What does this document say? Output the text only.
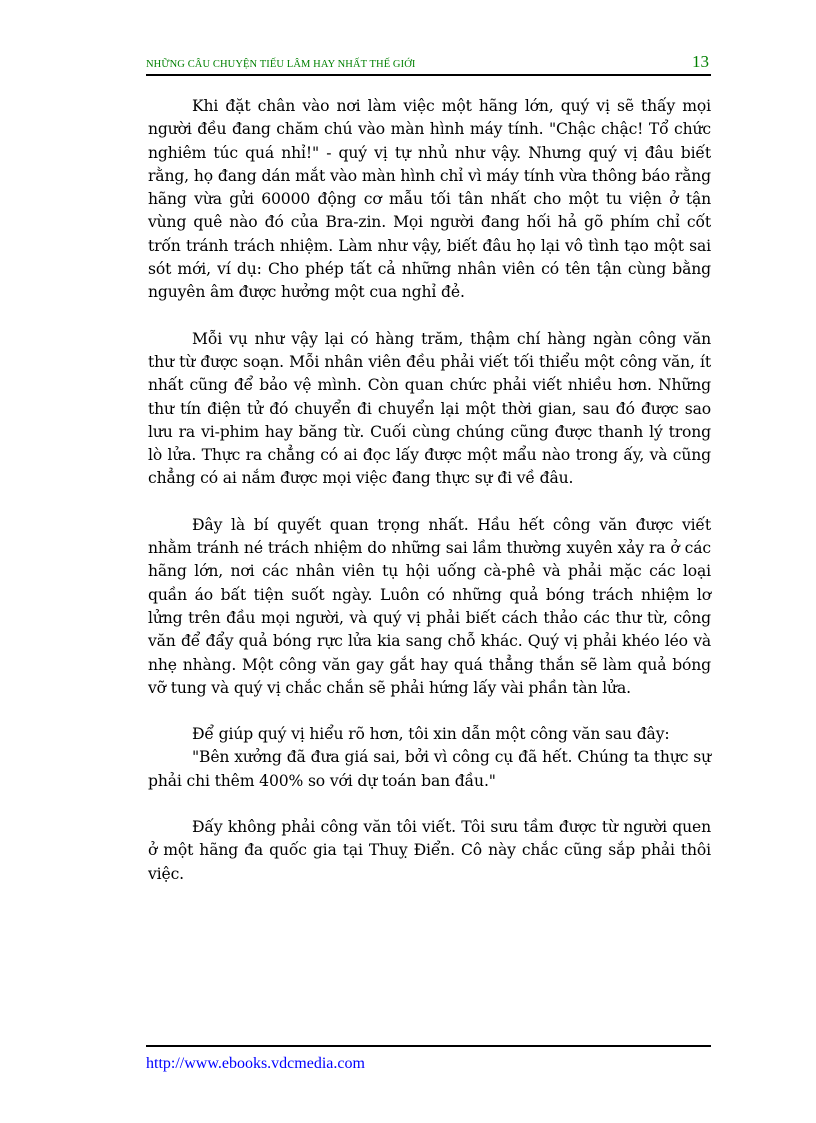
NHỮNG CÂU CHUYỆN TIẾU LÂM HAY NHẤT THẾ GIỚI	13

Khi đặt chân vào nơi làm việc một hãng lớn, quý vị sẽ thấy mọi người đều đang chăm chú vào màn hình máy tính. "Chậc chậc! Tổ chức nghiêm túc quá nhỉ!" - quý vị tự nhủ như vậy. Nhưng quý vị đâu biết rằng, họ đang dán mắt vào màn hình chỉ vì máy tính vừa thông báo rằng hãng vừa gửi 60000 động cơ mẫu tối tân nhất cho một tu viện ở tận vùng quê nào đó của Bra-zin. Mọi người đang hối hả gõ phím chỉ cốt trốn tránh trách nhiệm. Làm như vậy, biết đâu họ lại vô tình tạo một sai sót mới, ví dụ: Cho phép tất cả những nhân viên có tên tận cùng bằng nguyên âm được hưởng một cua nghỉ đẻ.

Mỗi vụ như vậy lại có hàng trăm, thậm chí hàng ngàn công văn thư từ được soạn. Mỗi nhân viên đều phải viết tối thiểu một công văn, ít nhất cũng để bảo vệ mình. Còn quan chức phải viết nhiều hơn. Những thư tín điện tử đó chuyển đi chuyển lại một thời gian, sau đó được sao lưu ra vi-phim hay băng từ. Cuối cùng chúng cũng được thanh lý trong lò lửa. Thực ra chẳng có ai đọc lấy được một mẩu nào trong ấy, và cũng chẳng có ai nắm được mọi việc đang thực sự đi về đâu.

Đây là bí quyết quan trọng nhất. Hầu hết công văn được viết nhằm tránh né trách nhiệm do những sai lầm thường xuyên xảy ra ở các hãng lớn, nơi các nhân viên tụ hội uống cà-phê và phải mặc các loại quần áo bất tiện suốt ngày. Luôn có những quả bóng trách nhiệm lơ lửng trên đầu mọi người, và quý vị phải biết cách thảo các thư từ, công văn để đẩy quả bóng rực lửa kia sang chỗ khác. Quý vị phải khéo léo và nhẹ nhàng. Một công văn gay gắt hay quá thẳng thắn sẽ làm quả bóng vỡ tung và quý vị chắc chắn sẽ phải hứng lấy vài phần tàn lửa.

Để giúp quý vị hiểu rõ hơn, tôi xin dẫn một công văn sau đây:

"Bên xưởng đã đưa giá sai, bởi vì công cụ đã hết. Chúng ta thực sự phải chi thêm 400% so với dự toán ban đầu."

Đấy không phải công văn tôi viết. Tôi sưu tầm được từ người quen ở một hãng đa quốc gia tại Thuỵ Điển. Cô này chắc cũng sắp phải thôi việc.

http://www.ebooks.vdcmedia.com
